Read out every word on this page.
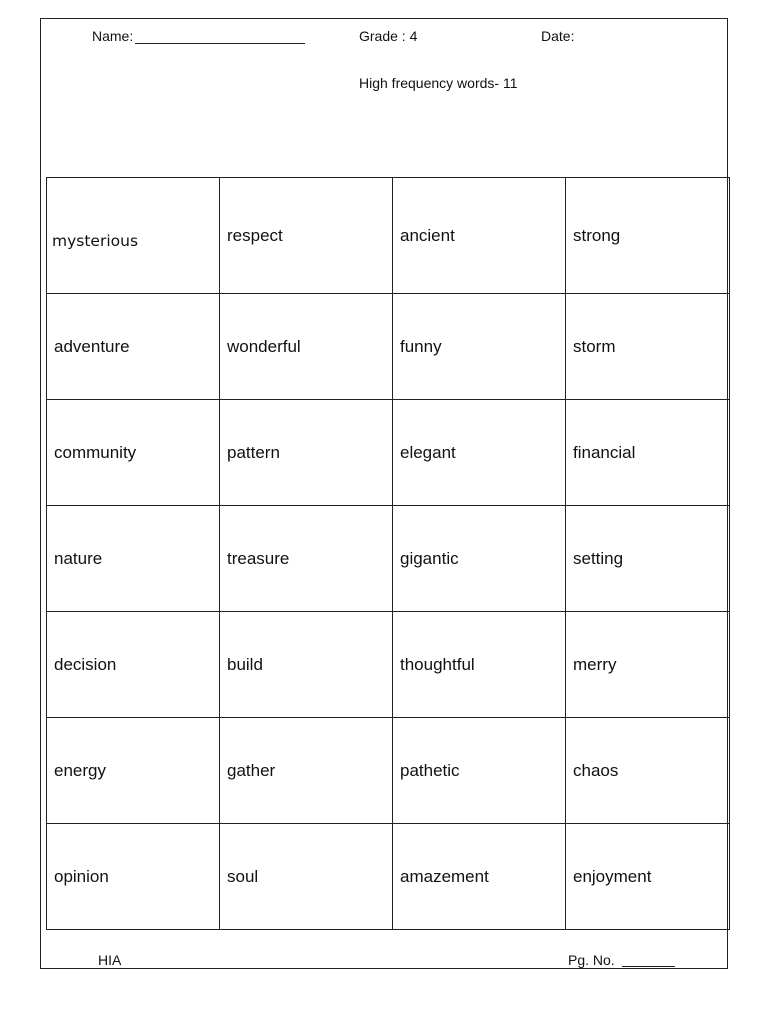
Name:	Grade : 4	Date:
High frequency words- 11
mysterious	respect	ancient	strong
adventure	wonderful	funny	storm
community	pattern	elegant	financial
nature	treasure	gigantic	setting
decision	build	thoughtful	merry
energy	gather	pathetic	chaos
opinion	soul	amazement	enjoyment
HIA	Pg. No.
